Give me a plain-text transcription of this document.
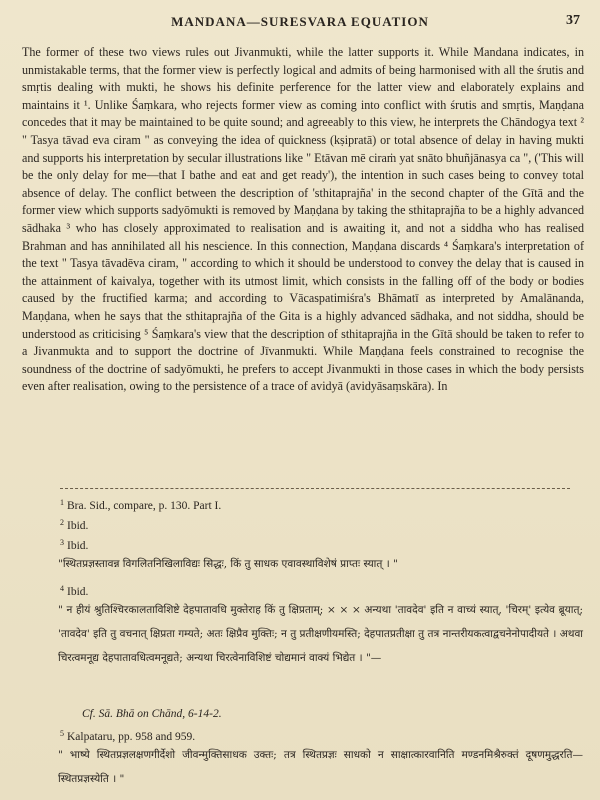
MANDANA—SURESVARA EQUATION	37

The former of these two views rules out Jivanmukti, while the latter supports it. While Mandana indicates, in unmistakable terms, that the former view is perfectly logical and admits of being harmonised with all the śrutis and smṛtis dealing with mukti, he shows his definite perference for the latter view and elaborately explains and maintains it ¹. Unlike Śaṃkara, who rejects former view as coming into conflict with śrutis and smṛtis, Maṇḍana concedes that it may be maintained to be quite sound; and agreeably to this view, he interprets the Chāndogya text ² " Tasya tāvad eva ciram " as conveying the idea of quickness (kṣipratā) or total absence of delay in having mukti and supports his interpretation by secular illustrations like " Etāvan mē ciraṁ yat snāto bhuñjānasya ca ", ('This will be the only delay for me—that I bathe and eat and get ready'), the intention in such cases being to convey total absence of delay. The conflict between the description of 'sthitaprajña' in the second chapter of the Gītā and the former view which supports sadyōmukti is removed by Maṇḍana by taking the sthitaprajña to be a highly advanced sādhaka ³ who has closely approximated to realisation and is awaiting it, and not a siddha who has realised Brahman and has annihilated all his nescience. In this connection, Maṇḍana discards ⁴ Śaṃkara's interpretation of the text " Tasya tāvadēva ciram, " according to which it should be understood to convey the delay that is caused in the attainment of kaivalya, together with its utmost limit, which consists in the falling off of the body or bodies caused by the fructified karma; and according to Vācaspatimiśra's Bhāmatī as interpreted by Amalānanda, Maṇḍana, when he says that the sthitaprajña of the Gita is a highly advanced sādhaka, and not siddha, should be understood as criticising ⁵ Śaṃkara's view that the description of sthitaprajña in the Gītā should be taken to refer to a Jivanmukta and to support the doctrine of Jīvanmukti. While Maṇḍana feels constrained to recognise the soundness of the doctrine of sadyōmukti, he prefers to accept Jivanmukti in those cases in which the body persists even after realisation, owing to the persistence of a trace of avidyā (avidyāsaṃskāra). In

$^1$ Bra. Sid., compare, p. 130. Part I.
$^2$ Ibid.
$^3$ Ibid.
"स्थितप्रज्ञस्तावन्न विगलितनिखिलाविद्यः सिद्धः, किं तु साधक एवावस्थाविशेषं प्राप्तः स्यात् । "
$^4$ Ibid.
" न हीयं श्रुतिश्चिरकालताविशिष्टे देहपातावधि मुक्तेराह किं तु क्षिप्रताम्; × × × अन्यथा 'तावदेव' इति न वाच्यं स्यात्, 'चिरम्' इत्येव ब्रूयात्; 'तावदेव' इति तु वचनात् क्षिप्रता गम्यते; अतः क्षिप्रैव मुक्तिः; न तु प्रतीक्षणीयमस्ति; देहपातप्रतीक्षा तु तत्र नान्तरीयकत्वाद्वचनेनोपादीयते । अथवा चिरत्वमनूद्य देहपातावधित्वमनूद्यते; अन्यथा चिरत्वेनाविशिष्टं चोद्यमानं वाक्यं भिद्येत । "—
Cf. Sā. Bhā on Chānd, 6-14-2.
$^5$ Kalpataru, pp. 958 and 959.
" भाष्ये स्थितप्रज्ञलक्षणगीर्देशो जीवन्मुक्तिसाधक उक्तः; तत्र स्थितप्रज्ञः साधको न साक्षात्कारवानिति मण्डनमिश्रैरुक्तं दूषणमुद्धरति—स्थितप्रज्ञस्येति । "
